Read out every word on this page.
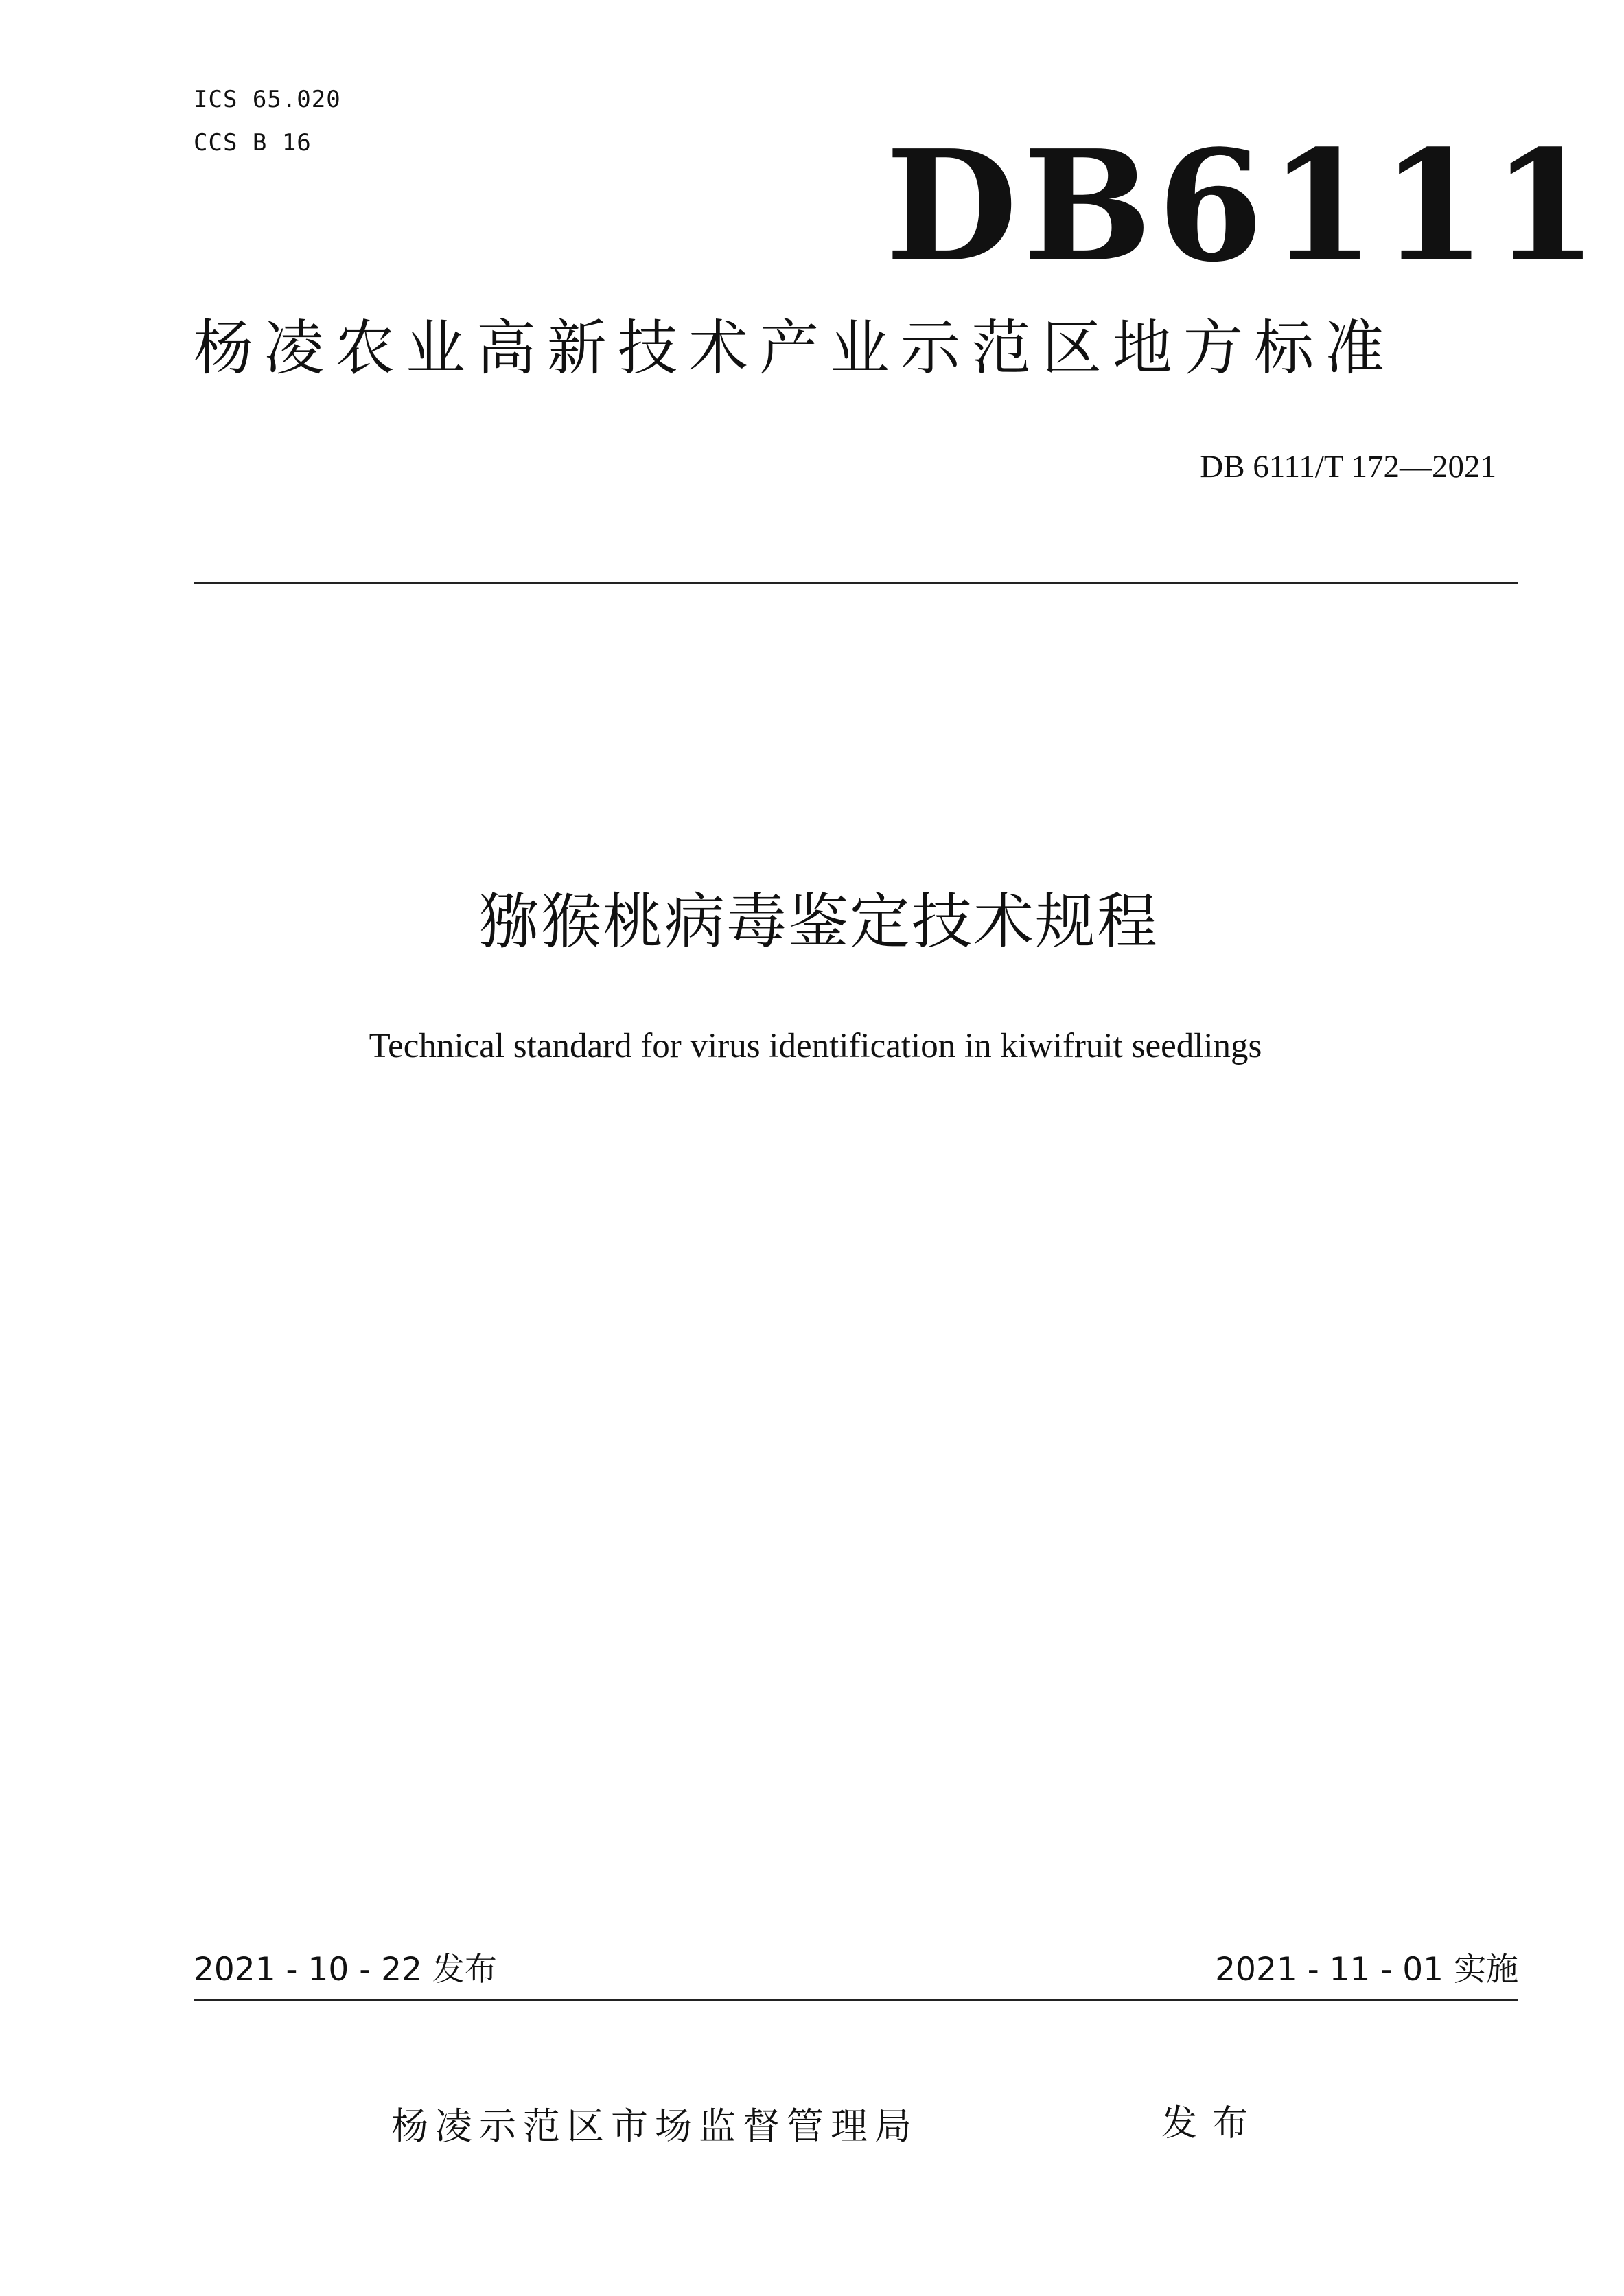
ICS 65.020
CCS B 16	DB6111
杨凌农业高新技术产业示范区地方标准
DB 6111/T 172—2021
猕猴桃病毒鉴定技术规程
Technical standard for virus identification in kiwifruit seedlings
2021 - 10 - 22 发布	2021 - 11 - 01 实施
杨凌示范区市场监督管理局	发布
